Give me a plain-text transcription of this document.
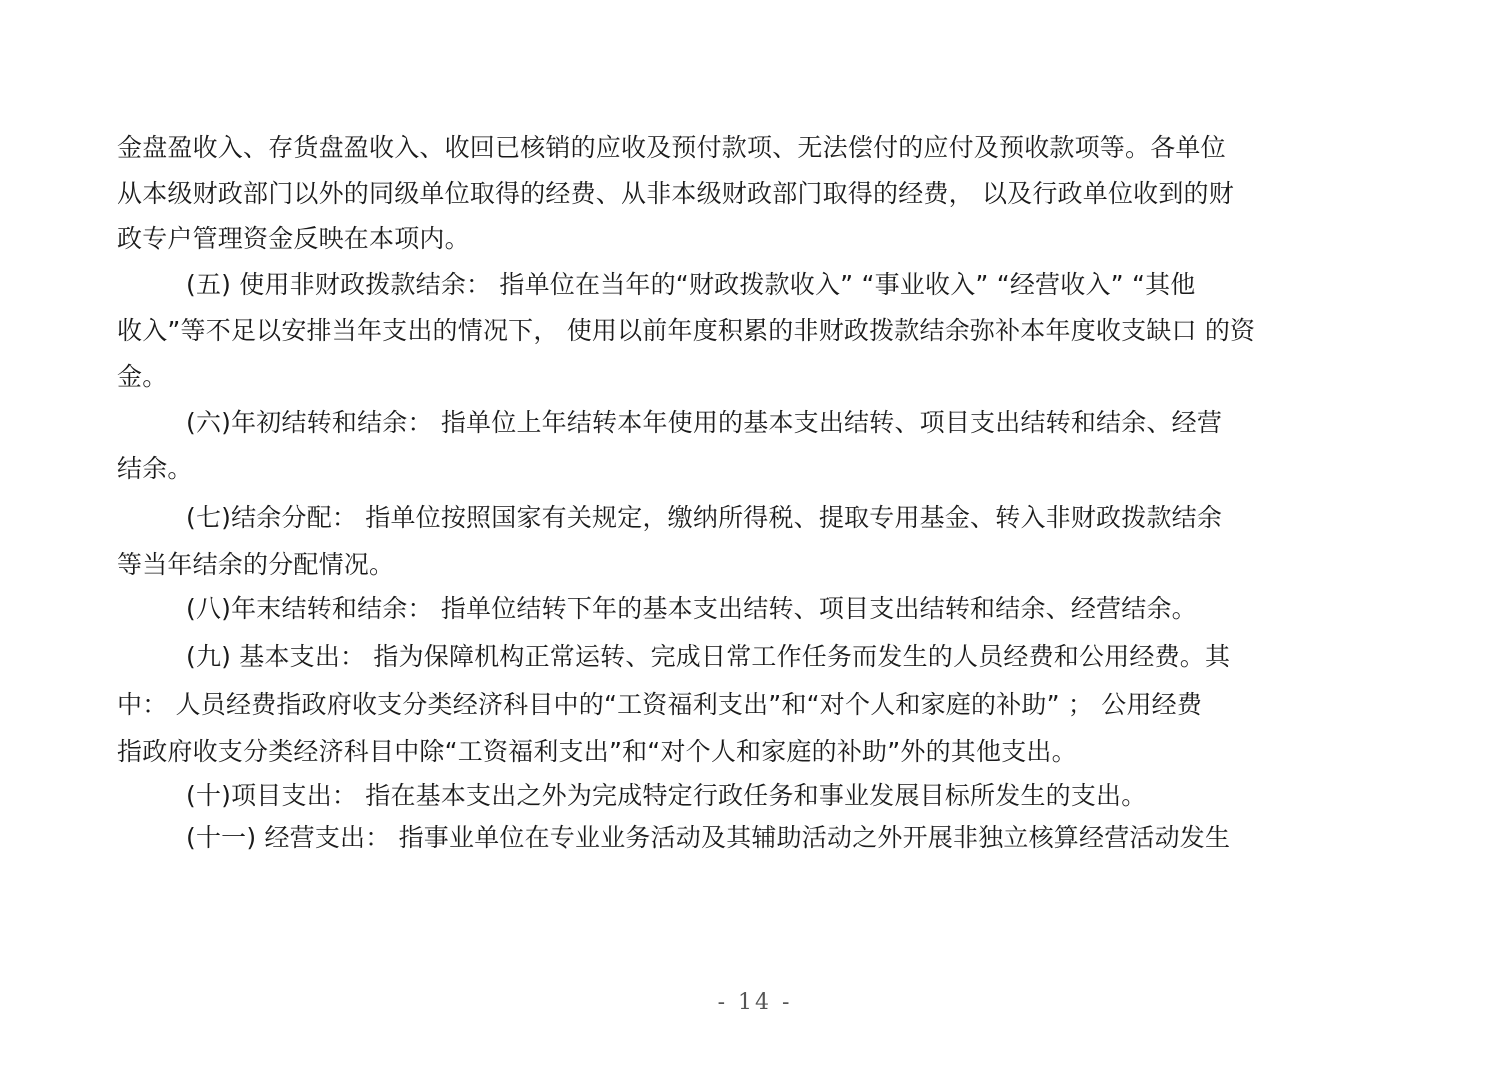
金盘盈收入、存货盘盈收入、收回已核销的应收及预付款项、无法偿付的应付及预收款项等。各单位
从本级财政部门以外的同级单位取得的经费、从非本级财政部门取得的经费， 以及行政单位收到的财
政专户管理资金反映在本项内。
(五) 使用非财政拨款结余： 指单位在当年的“财政拨款收入” “事业收入” “经营收入” “其他
收入”等不足以安排当年支出的情况下， 使用以前年度积累的非财政拨款结余弥补本年度收支缺口 的资
金。
(六)年初结转和结余： 指单位上年结转本年使用的基本支出结转、项目支出结转和结余、经营
结余。
(七)结余分配： 指单位按照国家有关规定，缴纳所得税、提取专用基金、转入非财政拨款结余
等当年结余的分配情况。
(八)年末结转和结余： 指单位结转下年的基本支出结转、项目支出结转和结余、经营结余。
(九) 基本支出： 指为保障机构正常运转、完成日常工作任务而发生的人员经费和公用经费。其
中： 人员经费指政府收支分类经济科目中的“工资福利支出”和“对个人和家庭的补助” ； 公用经费
指政府收支分类经济科目中除“工资福利支出”和“对个人和家庭的补助”外的其他支出。
(十)项目支出： 指在基本支出之外为完成特定行政任务和事业发展目标所发生的支出。
(十一) 经营支出： 指事业单位在专业业务活动及其辅助活动之外开展非独立核算经营活动发生
- 14 -
